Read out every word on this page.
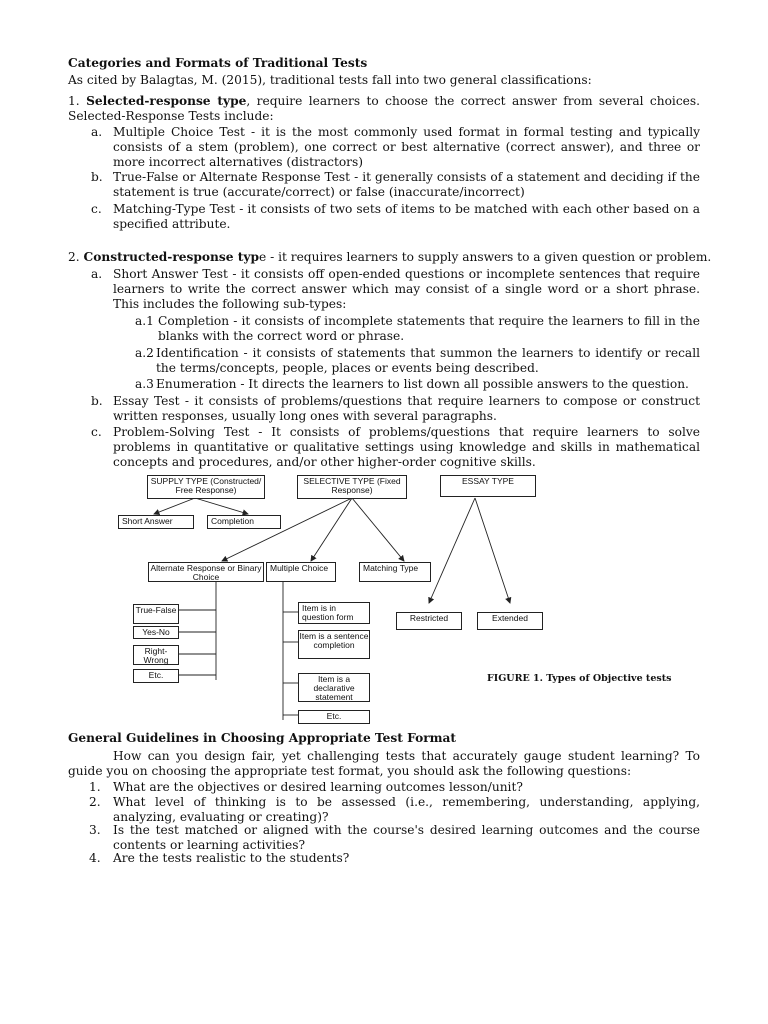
Categories and Formats of Traditional Tests
As cited by Balagtas, M. (2015), traditional tests fall into two general classifications:
1. Selected-response type, require learners to choose the correct answer from several choices. Selected-Response Tests include:
a. Multiple Choice Test - it is the most commonly used format in formal testing and typically consists of a stem (problem), one correct or best alternative (correct answer), and three or more incorrect alternatives (distractors)
b. True-False or Alternate Response Test - it generally consists of a statement and deciding if the statement is true (accurate/correct) or false (inaccurate/incorrect)
c. Matching-Type Test - it consists of two sets of items to be matched with each other based on a specified attribute.
2. Constructed-response type - it requires learners to supply answers to a given question or problem.
a. Short Answer Test - it consists off open-ended questions or incomplete sentences that require learners to write the correct answer which may consist of a single word or a short phrase. This includes the following sub-types:
a.1 Completion - it consists of incomplete statements that require the learners to fill in the blanks with the correct word or phrase.
a.2 Identification - it consists of statements that summon the learners to identify or recall the terms/concepts, people, places or events being described.
a.3 Enumeration - It directs the learners to list down all possible answers to the question.
b. Essay Test - it consists of problems/questions that require learners to compose or construct written responses, usually long ones with several paragraphs.
c. Problem-Solving Test - It consists of problems/questions that require learners to solve problems in quantitative or qualitative settings using knowledge and skills in mathematical concepts and procedures, and/or other higher-order cognitive skills.
SUPPLY TYPE (Constructed/ Free Response)
SELECTIVE TYPE (Fixed Response)
ESSAY TYPE
Short Answer	Completion
Alternate Response or Binary Choice
Multiple Choice	Matching Type
True-False
Yes-No
Right-Wrong
Etc.
Item is in question form
Item is a sentence completion
Item is a declarative statement
Etc.
Restricted	Extended
FIGURE 1. Types of Objective tests
General Guidelines in Choosing Appropriate Test Format
How can you design fair, yet challenging tests that accurately gauge student learning? To guide you on choosing the appropriate test format, you should ask the following questions:
1. What are the objectives or desired learning outcomes lesson/unit?
2. What level of thinking is to be assessed (i.e., remembering, understanding, applying, analyzing, evaluating or creating)?
3. Is the test matched or aligned with the course's desired learning outcomes and the course contents or learning activities?
4. Are the tests realistic to the students?
